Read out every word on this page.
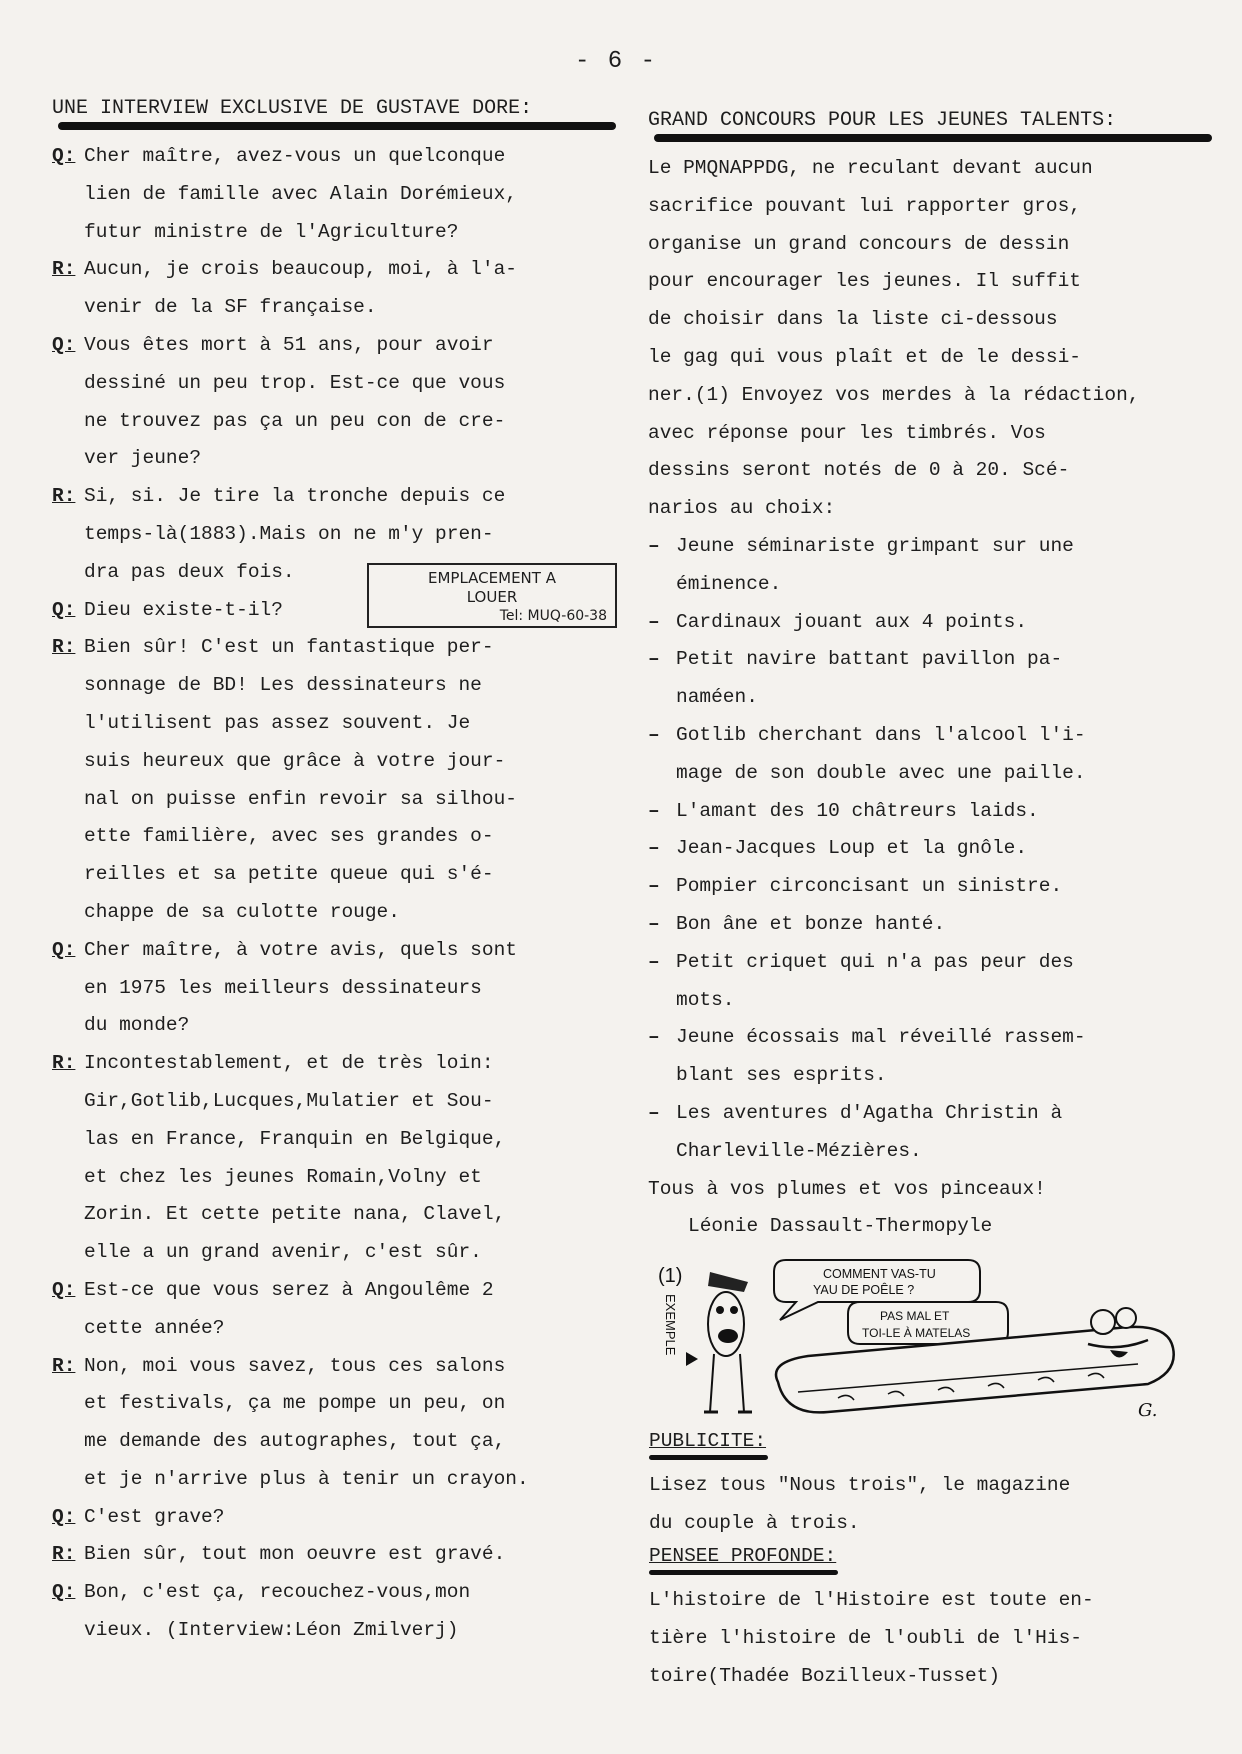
- 6 -
UNE INTERVIEW EXCLUSIVE DE GUSTAVE DORE:
Q: Cher maître, avez-vous un quelconque
lien de famille avec Alain Dorémieux,
futur ministre de l'Agriculture?
R: Aucun, je crois beaucoup, moi, à l'a-
venir de la SF française.
Q: Vous êtes mort à 51 ans, pour avoir
dessiné un peu trop. Est-ce que vous
ne trouvez pas ça un peu con de cre-
ver jeune?
R: Si, si. Je tire la tronche depuis ce
temps-là(1883).Mais on ne m'y pren-
dra pas deux fois.
Q: Dieu existe-t-il?
R: Bien sûr! C'est un fantastique per-
sonnage de BD! Les dessinateurs ne
l'utilisent pas assez souvent. Je
suis heureux que grâce à votre jour-
nal on puisse enfin revoir sa silhou-
ette familière, avec ses grandes o-
reilles et sa petite queue qui s'é-
chappe de sa culotte rouge.
Q: Cher maître, à votre avis, quels sont
en 1975 les meilleurs dessinateurs
du monde?
R: Incontestablement, et de très loin:
Gir,Gotlib,Lucques,Mulatier et Sou-
las en France, Franquin en Belgique,
et chez les jeunes Romain,Volny et
Zorin. Et cette petite nana, Clavel,
elle a un grand avenir, c'est sûr.
Q: Est-ce que vous serez à Angoulême 2
cette année?
R: Non, moi vous savez, tous ces salons
et festivals, ça me pompe un peu, on
me demande des autographes, tout ça,
et je n'arrive plus à tenir un crayon.
Q: C'est grave?
R: Bien sûr, tout mon oeuvre est gravé.
Q: Bon, c'est ça, recouchez-vous,mon
vieux. (Interview:Léon Zmilverj)
EMPLACEMENT A
LOUER
Tel: MUQ-60-38
GRAND CONCOURS POUR LES JEUNES TALENTS:
Le PMQNAPPDG, ne reculant devant aucun
sacrifice pouvant lui rapporter gros,
organise un grand concours de dessin
pour encourager les jeunes. Il suffit
de choisir dans la liste ci-dessous
le gag qui vous plaît et de le dessi-
ner.(1) Envoyez vos merdes à la rédaction,
avec réponse pour les timbrés. Vos
dessins seront notés de 0 à 20. Scé-
narios au choix:
– Jeune séminariste grimpant sur une
éminence.
– Cardinaux jouant aux 4 points.
– Petit navire battant pavillon pa-
naméen.
– Gotlib cherchant dans l'alcool l'i-
mage de son double avec une paille.
– L'amant des 10 châtreurs laids.
– Jean-Jacques Loup et la gnôle.
– Pompier circoncisant un sinistre.
– Bon âne et bonze hanté.
– Petit criquet qui n'a pas peur des
mots.
– Jeune écossais mal réveillé rassem-
blant ses esprits.
– Les aventures d'Agatha Christin à
Charleville-Mézières.
Tous à vos plumes et vos pinceaux!
Léonie Dassault-Thermopyle
(1)
EXEMPLE
COMMENT VAS-TU YAU DE POÊLE ?
PAS MAL ET TOI-LE À MATELAS
G.
PUBLICITE:
Lisez tous "Nous trois", le magazine
du couple à trois.
PENSEE PROFONDE:
L'histoire de l'Histoire est toute en-
tière l'histoire de l'oubli de l'His-
toire(Thadée Bozilleux-Tusset)
